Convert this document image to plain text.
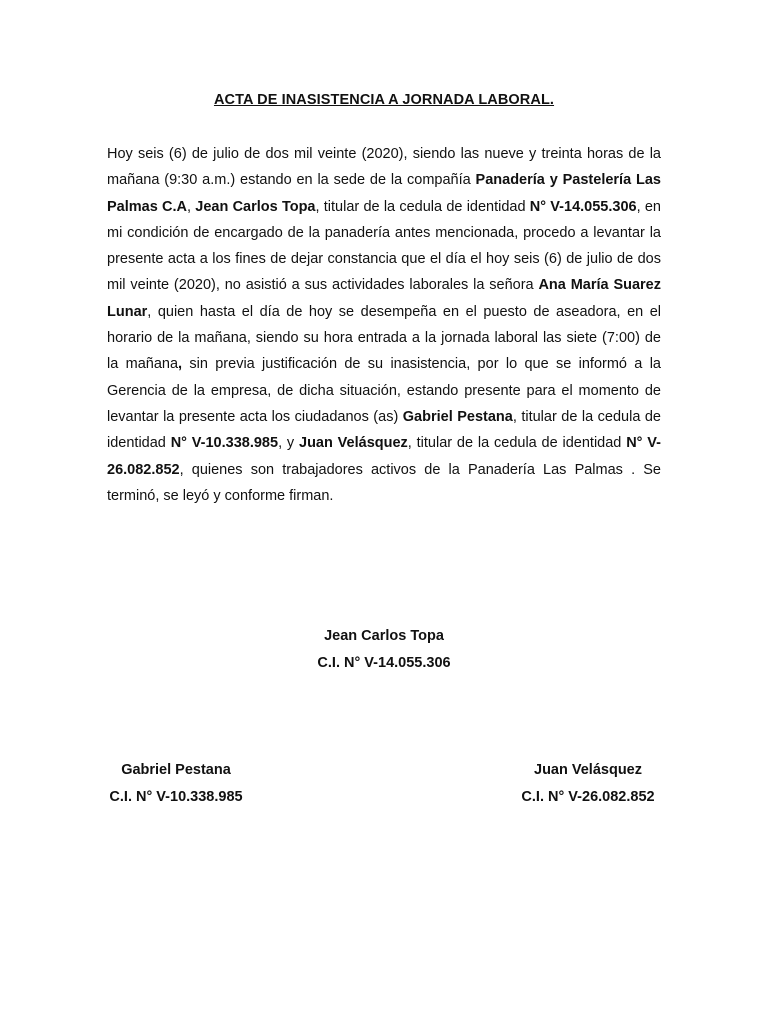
ACTA DE INASISTENCIA A JORNADA LABORAL.
Hoy seis (6) de julio de dos mil veinte (2020), siendo las nueve y treinta horas de la mañana (9:30 a.m.) estando en la sede de la compañía Panadería y Pastelería Las Palmas C.A, Jean Carlos Topa, titular de la cedula de identidad N° V-14.055.306, en mi condición de encargado de la panadería antes mencionada, procedo a levantar la presente acta a los fines de dejar constancia que el día el hoy seis (6) de julio de dos mil veinte (2020), no asistió a sus actividades laborales la señora Ana María Suarez Lunar, quien hasta el día de hoy se desempeña en el puesto de aseadora, en el horario de la mañana, siendo su hora entrada a la jornada laboral las siete (7:00) de la mañana, sin previa justificación de su inasistencia, por lo que se informó a la Gerencia de la empresa, de dicha situación, estando presente para el momento de levantar la presente acta los ciudadanos (as) Gabriel Pestana, titular de la cedula de identidad N° V-10.338.985, y Juan Velásquez, titular de la cedula de identidad N° V-26.082.852, quienes son trabajadores activos de la Panadería Las Palmas . Se terminó, se leyó y conforme firman.
Jean Carlos Topa
C.I. N° V-14.055.306
Gabriel Pestana
C.I. N° V-10.338.985
Juan Velásquez
C.I. N° V-26.082.852
